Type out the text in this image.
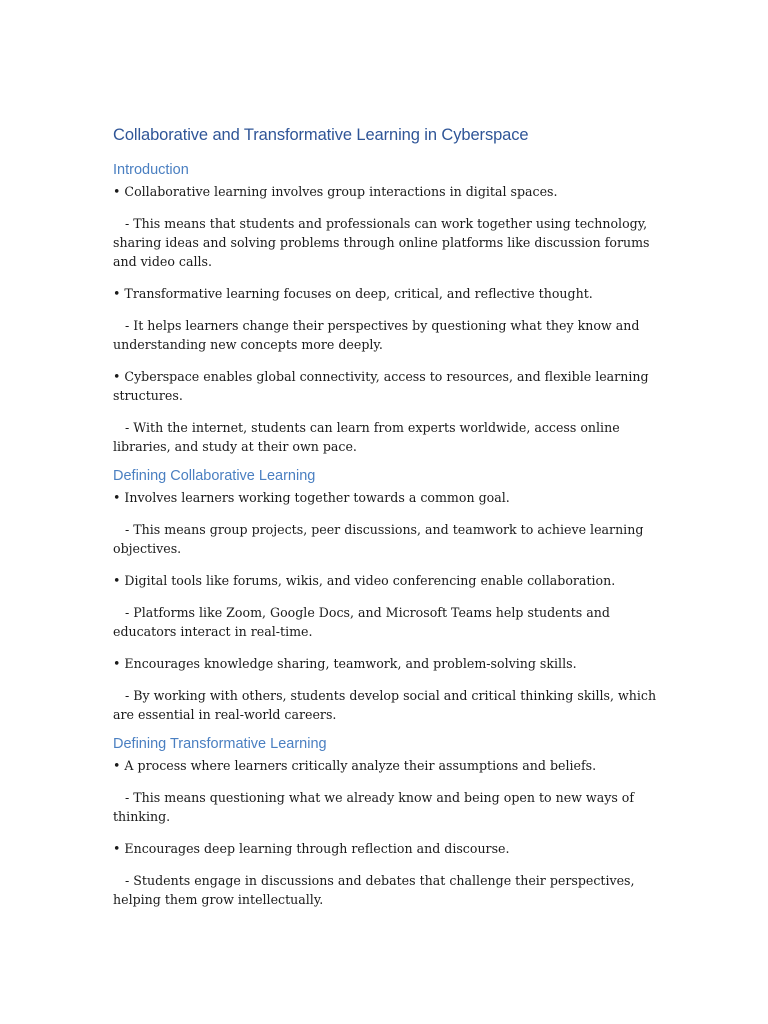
Collaborative and Transformative Learning in Cyberspace
Introduction

• Collaborative learning involves group interactions in digital spaces.

- This means that students and professionals can work together using technology, sharing ideas and solving problems through online platforms like discussion forums and video calls.

• Transformative learning focuses on deep, critical, and reflective thought.

- It helps learners change their perspectives by questioning what they know and understanding new concepts more deeply.

• Cyberspace enables global connectivity, access to resources, and flexible learning structures.

- With the internet, students can learn from experts worldwide, access online libraries, and study at their own pace.

Defining Collaborative Learning

• Involves learners working together towards a common goal.

- This means group projects, peer discussions, and teamwork to achieve learning objectives.

• Digital tools like forums, wikis, and video conferencing enable collaboration.

- Platforms like Zoom, Google Docs, and Microsoft Teams help students and educators interact in real-time.

• Encourages knowledge sharing, teamwork, and problem-solving skills.

- By working with others, students develop social and critical thinking skills, which are essential in real-world careers.

Defining Transformative Learning

• A process where learners critically analyze their assumptions and beliefs.

- This means questioning what we already know and being open to new ways of thinking.

• Encourages deep learning through reflection and discourse.

- Students engage in discussions and debates that challenge their perspectives, helping them grow intellectually.
